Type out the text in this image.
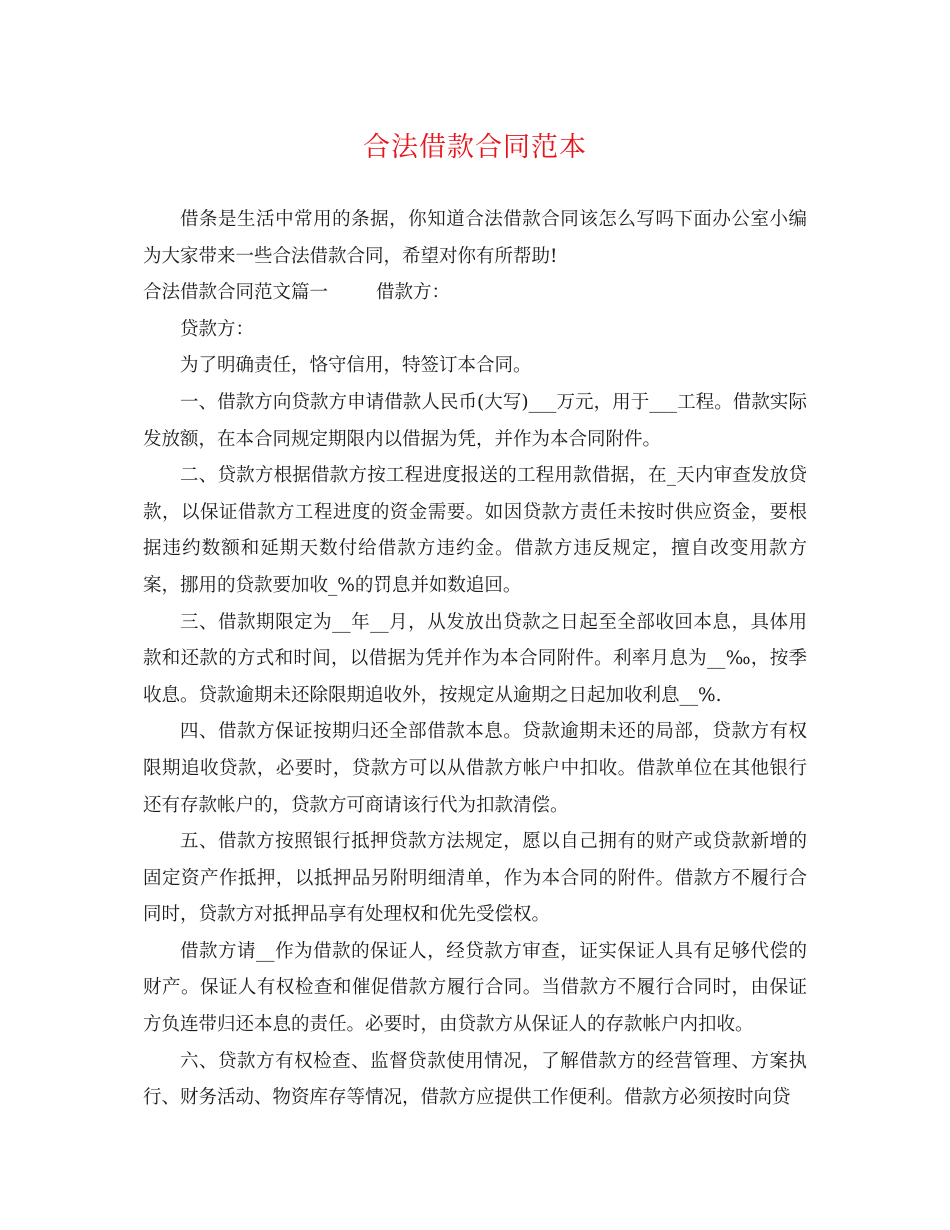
合法借款合同范本

借条是生活中常用的条据，你知道合法借款合同该怎么写吗下面办公室小编为大家带来一些合法借款合同，希望对你有所帮助!

合法借款合同范文篇一	借款方：

贷款方：

为了明确责任，恪守信用，特签订本合同。

一、借款方向贷款方申请借款人民币(大写)___万元，用于___工程。借款实际发放额，在本合同规定期限内以借据为凭，并作为本合同附件。

二、贷款方根据借款方按工程进度报送的工程用款借据，在_天内审查发放贷款，以保证借款方工程进度的资金需要。如因贷款方责任未按时供应资金，要根据违约数额和延期天数付给借款方违约金。借款方违反规定，擅自改变用款方案，挪用的贷款要加收_%的罚息并如数追回。

三、借款期限定为__年__月，从发放出贷款之日起至全部收回本息，具体用款和还款的方式和时间，以借据为凭并作为本合同附件。利率月息为__‰，按季收息。贷款逾期未还除限期追收外，按规定从逾期之日起加收利息__%.

四、借款方保证按期归还全部借款本息。贷款逾期未还的局部，贷款方有权限期追收贷款，必要时，贷款方可以从借款方帐户中扣收。借款单位在其他银行还有存款帐户的，贷款方可商请该行代为扣款清偿。

五、借款方按照银行抵押贷款方法规定，愿以自己拥有的财产或贷款新增的固定资产作抵押，以抵押品另附明细清单，作为本合同的附件。借款方不履行合同时，贷款方对抵押品享有处理权和优先受偿权。

借款方请__作为借款的保证人，经贷款方审查，证实保证人具有足够代偿的财产。保证人有权检查和催促借款方履行合同。当借款方不履行合同时，由保证方负连带归还本息的责任。必要时，由贷款方从保证人的存款帐户内扣收。

六、贷款方有权检查、监督贷款使用情况，了解借款方的经营管理、方案执行、财务活动、物资库存等情况，借款方应提供工作便利。借款方必须按时向贷
